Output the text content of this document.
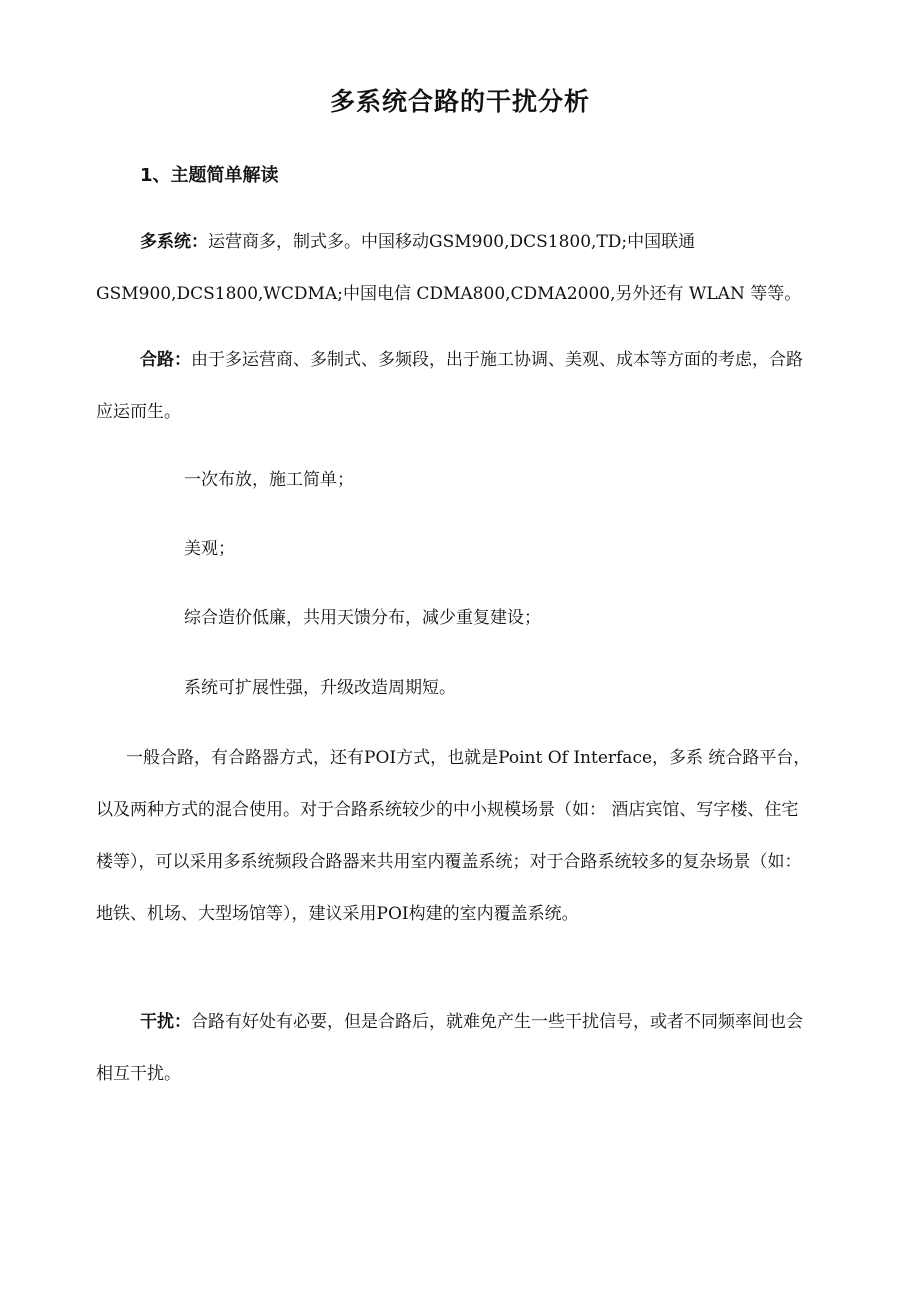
多系统合路的干扰分析
1、主题简单解读

多系统：运营商多，制式多。中国移动GSM900,DCS1800,TD;中国联通GSM900,DCS1800,WCDMA;中国电信 CDMA800,CDMA2000,另外还有 WLAN 等等。

合路：由于多运营商、多制式、多频段，出于施工协调、美观、成本等方面的考虑，合路应运而生。

一次布放，施工简单；
美观；
综合造价低廉，共用天馈分布，减少重复建设；
系统可扩展性强，升级改造周期短。

一般合路，有合路器方式，还有POI方式，也就是Point Of Interface，多系 统合路平台，以及两种方式的混合使用。对于合路系统较少的中小规模场景（如： 酒店宾馆、写字楼、住宅楼等），可以采用多系统频段合路器来共用室内覆盖系统；对于合路系统较多的复杂场景（如：地铁、机场、大型场馆等），建议采用POI构建的室内覆盖系统。

干扰：合路有好处有必要，但是合路后，就难免产生一些干扰信号，或者不同频率间也会相互干扰。
